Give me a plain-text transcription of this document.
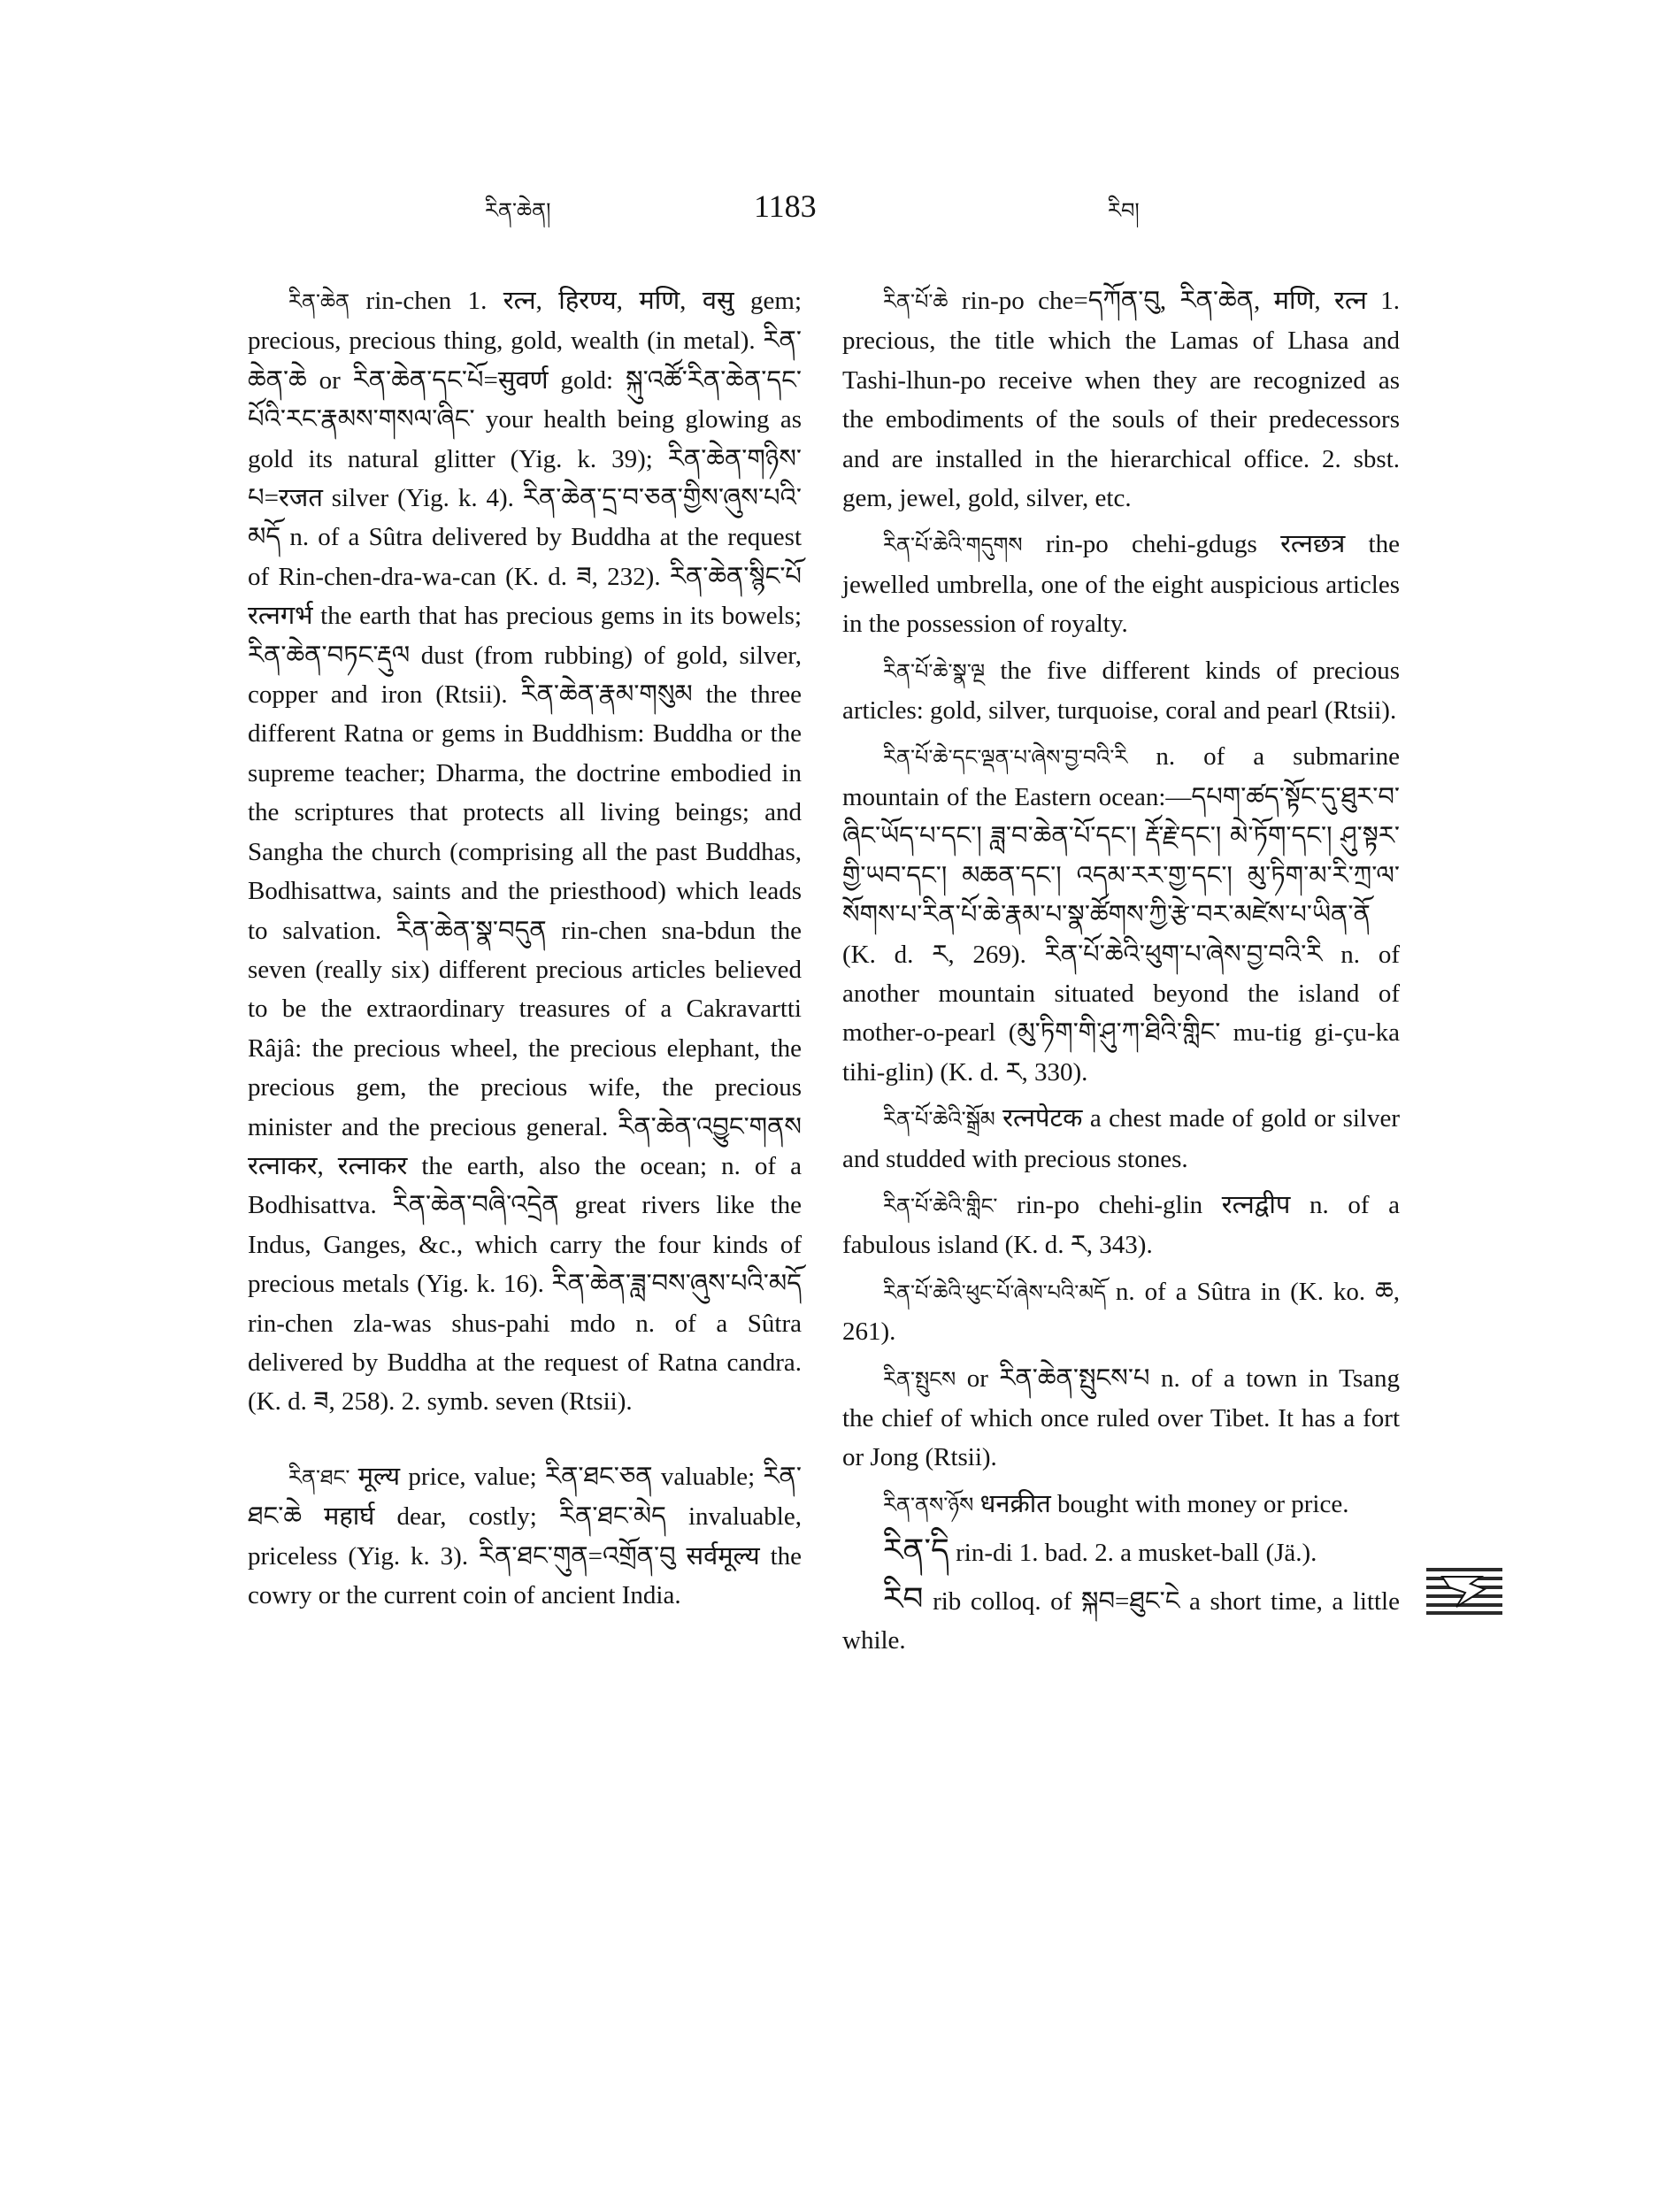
རིན་ཆེན།	1183	རིབ།

རིན་ཆེན rin-chen 1. रत्न, हिरण्य, मणि, वसु gem; precious, precious thing, gold, wealth (in metal). རིན་ཆེན་ཆེ or རིན་ཆེན་དང་པོ=सुवर्ण gold: སྐུ་འཚོ་རིན་ཆེན་དང་པོའི་རང་རྣམས་གསལ་ཞིང་ your health being glowing as gold its natural glitter (Yig. k. 39); རིན་ཆེན་གཉིས་པ=रजत silver (Yig. k. 4). རིན་ཆེན་དྲ་བ་ཅན་གྱིས་ཞུས་པའི་མདོ n. of a Sûtra delivered by Buddha at the request of Rin-chen-dra-wa-can (K. d. ཟ, 232). རིན་ཆེན་སྙིང་པོ रत्नगर्भ the earth that has precious gems in its bowels; རིན་ཆེན་བཏང་རྡུལ dust (from rubbing) of gold, silver, copper and iron (Rtsii). རིན་ཆེན་རྣམ་གསུམ the three different Ratna or gems in Buddhism: Buddha or the supreme teacher; Dharma, the doctrine embodied in the scriptures that protects all living beings; and Sangha the church (comprising all the past Buddhas, Bodhisattwa, saints and the priesthood) which leads to salvation. རིན་ཆེན་སྣ་བདུན rin-chen sna-bdun the seven (really six) different precious articles believed to be the extraordinary treasures of a Cakravartti Râjâ: the precious wheel, the precious elephant, the precious gem, the precious wife, the precious minister and the precious general. རིན་ཆེན་འབྱུང་གནས रत्नाकर, रत्नाकर the earth, also the ocean; n. of a Bodhisattva. རིན་ཆེན་བཞི་འདྲེན great rivers like the Indus, Ganges, &c., which carry the four kinds of precious metals (Yig. k. 16). རིན་ཆེན་ཟླ་བས་ཞུས་པའི་མདོ rin-chen zla-was shus-pahi mdo n. of a Sûtra delivered by Buddha at the request of Ratna candra. (K. d. ཟ, 258). 2. symb. seven (Rtsii).

རིན་ཐང་ मूल्य price, value; རིན་ཐང་ཅན valuable; རིན་ཐང་ཆེ महार्घ dear, costly; རིན་ཐང་མེད invaluable, priceless (Yig. k. 3). རིན་ཐང་གུན=འགྲོན་བུ सर्वमूल्य the cowry or the current coin of ancient India.

རིན་པོ་ཆེ rin-po che=དཀོན་བུ, རིན་ཆེན, मणि, रत्न 1. precious, the title which the Lamas of Lhasa and Tashi-lhun-po receive when they are recognized as the embodiments of the souls of their predecessors and are installed in the hierarchical office. 2. sbst. gem, jewel, gold, silver, etc.

རིན་པོ་ཆེའི་གདུགས rin-po chehi-gdugs रत्नछत्र the jewelled umbrella, one of the eight auspicious articles in the possession of royalty.

རིན་པོ་ཆེ་སྣ་ལྔ the five different kinds of precious articles: gold, silver, turquoise, coral and pearl (Rtsii).

རིན་པོ་ཆེ་དང་ལྡན་པ་ཞེས་བྱ་བའི་རི n. of a submarine mountain of the Eastern ocean:—དཔག་ཚད་སྟོང་དུ་ཐུར་བ་ཞིང་ཡོད་པ་དང་། ཟླ་བ་ཆེན་པོ་དང་། རྡོ་རྗེ་དང་། མེ་ཏོག་དང་། ཤུ་སྟར་གྱི་ཡབ་དང་། མཆན་དང་། འདམ་རར་གྱ་དང་། མུ་ཏིག་མ་རི་ཀྲ་ལ་སོགས་པ་རིན་པོ་ཆེ་རྣམ་པ་སྣ་ཚོགས་ཀྱི་རྩེ་བར་མཛེས་པ་ཡིན་ནོ (K. d. ར, 269). རིན་པོ་ཆེའི་ཕུག་པ་ཞེས་བྱ་བའི་རི n. of another mountain situated beyond the island of mother-o-pearl (མུ་ཏིག་གི་ཤུ་ཀ་ཐིའི་གླིང་ mu-tig gi-çu-ka tihi-glin) (K. d. ར, 330).

རིན་པོ་ཆེའི་སྒྲོམ रत्नपेटक a chest made of gold or silver and studded with precious stones.

རིན་པོ་ཆེའི་གླིང་ rin-po chehi-glin रत्नद्वीप n. of a fabulous island (K. d. ར, 343).

རིན་པོ་ཆེའི་ཕུང་པོ་ཞེས་པའི་མདོ n. of a Sûtra in (K. ko. ཆ, 261).

རིན་སྤུངས or རིན་ཆེན་སྤུངས་པ n. of a town in Tsang the chief of which once ruled over Tibet. It has a fort or Jong (Rtsii).

རིན་ནས་ཉོས धनक्रीत bought with money or price.

རིན་དི rin-di 1. bad. 2. a musket-ball (Jä.).

རིབ rib colloq. of སྐབ=ཐུང་ངེ a short time, a little while.
